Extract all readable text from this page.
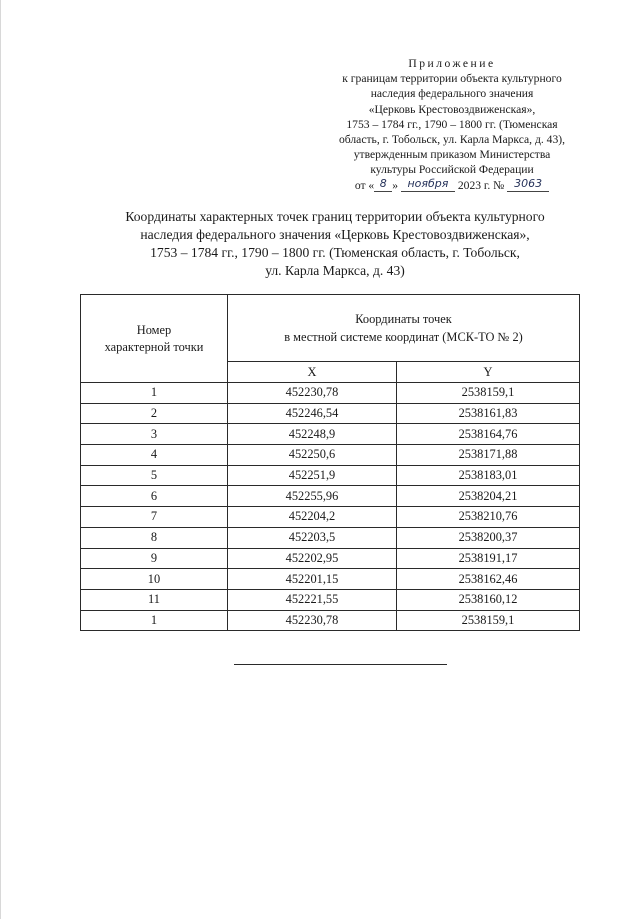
Приложение
к границам территории объекта культурного
наследия федерального значения
«Церковь Крестовоздвиженская»,
1753 – 1784 гг., 1790 – 1800 гг. (Тюменская
область, г. Тобольск, ул. Карла Маркса, д. 43),
утвержденным приказом Министерства
культуры Российской Федерации
от « 8 » ноября 2023 г. № 3063
Координаты характерных точек границ территории объекта культурного
наследия федерального значения «Церковь Крестовоздвиженская»,
1753 – 1784 гг., 1790 – 1800 гг. (Тюменская область, г. Тобольск,
ул. Карла Маркса, д. 43)
Номер
характерной точки	Координаты точек
в местной системе координат (МСК-ТО № 2)	
	X	Y
1	452230,78	2538159,1
2	452246,54	2538161,83
3	452248,9	2538164,76
4	452250,6	2538171,88
5	452251,9	2538183,01
6	452255,96	2538204,21
7	452204,2	2538210,76
8	452203,5	2538200,37
9	452202,95	2538191,17
10	452201,15	2538162,46
11	452221,55	2538160,12
1	452230,78	2538159,1
